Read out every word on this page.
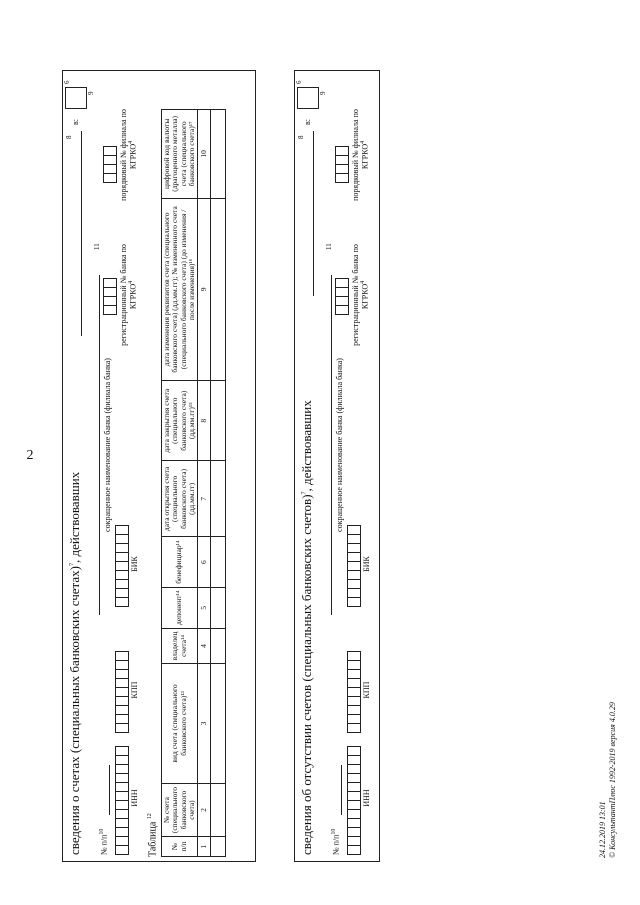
2
сведения о счетах (специальных банковских счетах)$^7$, действовавших
8
в:
6
№ $п/п^{10}$
11
9
ИНН
КПП
сокращенное наименование банка (филиала банка)
БИК
регистрационный № банка по КГРКО$^4$
порядковый № филиала по КГРКО$^4$
Таблица $^{12}$
№ п/п	№ счета (специального банковского счета)	вид счета (специального банковского счета)¹³	владелец счета¹⁴	депонент¹⁴	бенефициар¹⁴	дата открытия счета (специального банковского счета) (дд.мм.гг)	дата закрытия счета (специального банковского счета) (дд.мм.гг)¹⁵	дата изменения реквизитов счета (специального банковского счета) (дд.мм.гг); № измененного счета (специального банковского счета) (до изменения / после изменения)¹⁶	цифровой код валюты (драгоценного металла) счета (специального банковского счета)¹⁷
1	2	3	4	5	6	7	8	9	10

сведения об отсутствии счетов (специальных банковских счетов)$^7$, действовавших
8
в:
6
№ $п/п^{10}$
11
9
ИНН
КПП
сокращенное наименование банка (филиала банка)
БИК
регистрационный № банка по КГРКО$^4$
порядковый № филиала по КГРКО$^4$
24.12.2019 13:01 © КонсультантПлюс 1992-2019 версия 4.0.29
